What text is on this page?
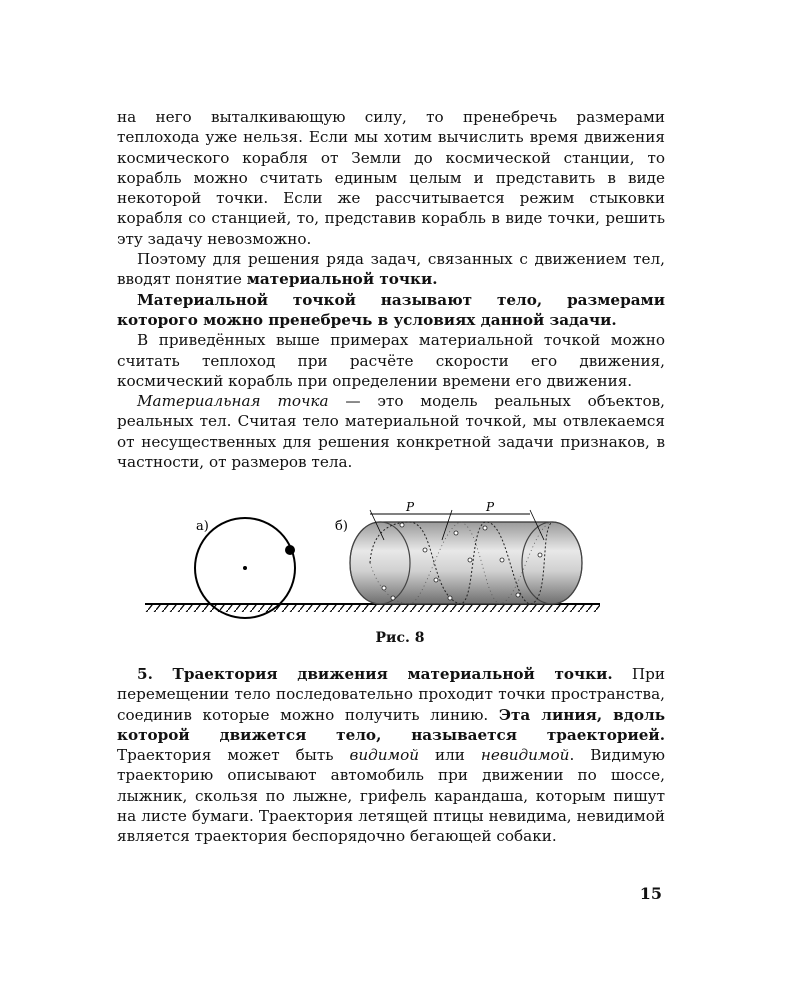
на него выталкивающую силу, то пренебречь размерами теплохода уже нельзя. Если мы хотим вычислить время движения космического корабля от Земли до космической станции, то корабль можно считать единым целым и представить в виде некоторой точки. Если же рассчитывается режим стыковки корабля со станцией, то, представив корабль в виде точки, решить эту задачу невозможно.

Поэтому для решения ряда задач, связанных с движением тел, вводят понятие материальной точки.

Материальной точкой называют тело, размерами которого можно пренебречь в условиях данной задачи.

В приведённых выше примерах материальной точкой можно считать теплоход при расчёте скорости его движения, космический корабль при определении времени его движения.

Материальная точка — это модель реальных объектов, реальных тел. Считая тело материальной точкой, мы отвлекаемся от несущественных для решения конкретной задачи признаков, в частности, от размеров тела.

а)	б)
P	P
Рис. 8

5. Траектория движения материальной точки. При перемещении тело последовательно проходит точки пространства, соединив которые можно получить линию. Эта линия, вдоль которой движется тело, называется траекторией. Траектория может быть видимой или невидимой. Видимую траекторию описывают автомобиль при движении по шоссе, лыжник, скользя по лыжне, грифель карандаша, которым пишут на листе бумаги. Траектория летящей птицы невидима, невидимой является траектория беспорядочно бегающей собаки.

15
